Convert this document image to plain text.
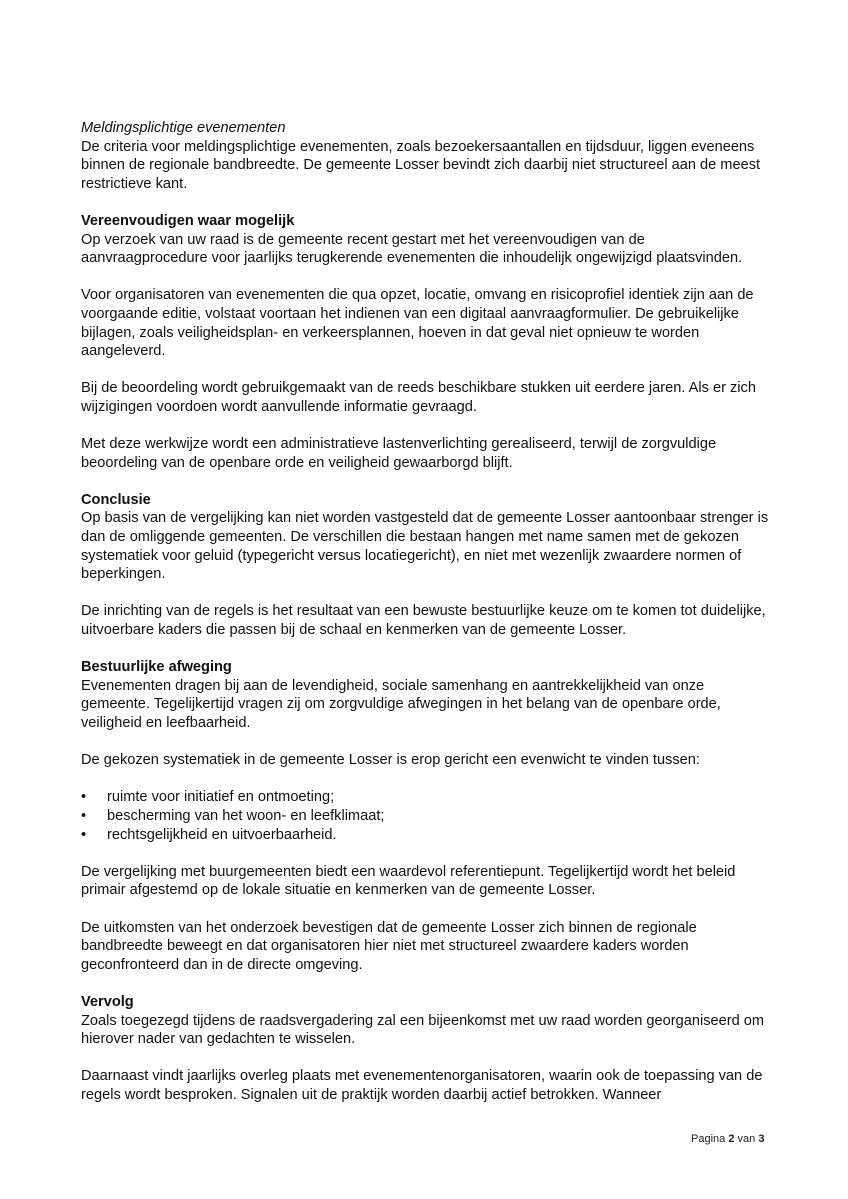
Meldingsplichtige evenementen

De criteria voor meldingsplichtige evenementen, zoals bezoekersaantallen en tijdsduur, liggen eveneens binnen de regionale bandbreedte. De gemeente Losser bevindt zich daarbij niet structureel aan de meest restrictieve kant.

Vereenvoudigen waar mogelijk

Op verzoek van uw raad is de gemeente recent gestart met het vereenvoudigen van de aanvraagprocedure voor jaarlijks terugkerende evenementen die inhoudelijk ongewijzigd plaatsvinden.

Voor organisatoren van evenementen die qua opzet, locatie, omvang en risicoprofiel identiek zijn aan de voorgaande editie, volstaat voortaan het indienen van een digitaal aanvraagformulier. De gebruikelijke bijlagen, zoals veiligheidsplan- en verkeersplannen, hoeven in dat geval niet opnieuw te worden aangeleverd.

Bij de beoordeling wordt gebruikgemaakt van de reeds beschikbare stukken uit eerdere jaren. Als er zich wijzigingen voordoen wordt aanvullende informatie gevraagd.

Met deze werkwijze wordt een administratieve lastenverlichting gerealiseerd, terwijl de zorgvuldige beoordeling van de openbare orde en veiligheid gewaarborgd blijft.

Conclusie

Op basis van de vergelijking kan niet worden vastgesteld dat de gemeente Losser aantoonbaar strenger is dan de omliggende gemeenten. De verschillen die bestaan hangen met name samen met de gekozen systematiek voor geluid (typegericht versus locatiegericht), en niet met wezenlijk zwaardere normen of beperkingen.

De inrichting van de regels is het resultaat van een bewuste bestuurlijke keuze om te komen tot duidelijke, uitvoerbare kaders die passen bij de schaal en kenmerken van de gemeente Losser.

Bestuurlijke afweging

Evenementen dragen bij aan de levendigheid, sociale samenhang en aantrekkelijkheid van onze gemeente. Tegelijkertijd vragen zij om zorgvuldige afwegingen in het belang van de openbare orde, veiligheid en leefbaarheid.

De gekozen systematiek in de gemeente Losser is erop gericht een evenwicht te vinden tussen:

•	ruimte voor initiatief en ontmoeting;
•	bescherming van het woon- en leefklimaat;
•	rechtsgelijkheid en uitvoerbaarheid.

De vergelijking met buurgemeenten biedt een waardevol referentiepunt. Tegelijkertijd wordt het beleid primair afgestemd op de lokale situatie en kenmerken van de gemeente Losser.

De uitkomsten van het onderzoek bevestigen dat de gemeente Losser zich binnen de regionale bandbreedte beweegt en dat organisatoren hier niet met structureel zwaardere kaders worden geconfronteerd dan in de directe omgeving.

Vervolg

Zoals toegezegd tijdens de raadsvergadering zal een bijeenkomst met uw raad worden georganiseerd om hierover nader van gedachten te wisselen.

Daarnaast vindt jaarlijks overleg plaats met evenementenorganisatoren, waarin ook de toepassing van de regels wordt besproken. Signalen uit de praktijk worden daarbij actief betrokken. Wanneer

Pagina 2 van 3
